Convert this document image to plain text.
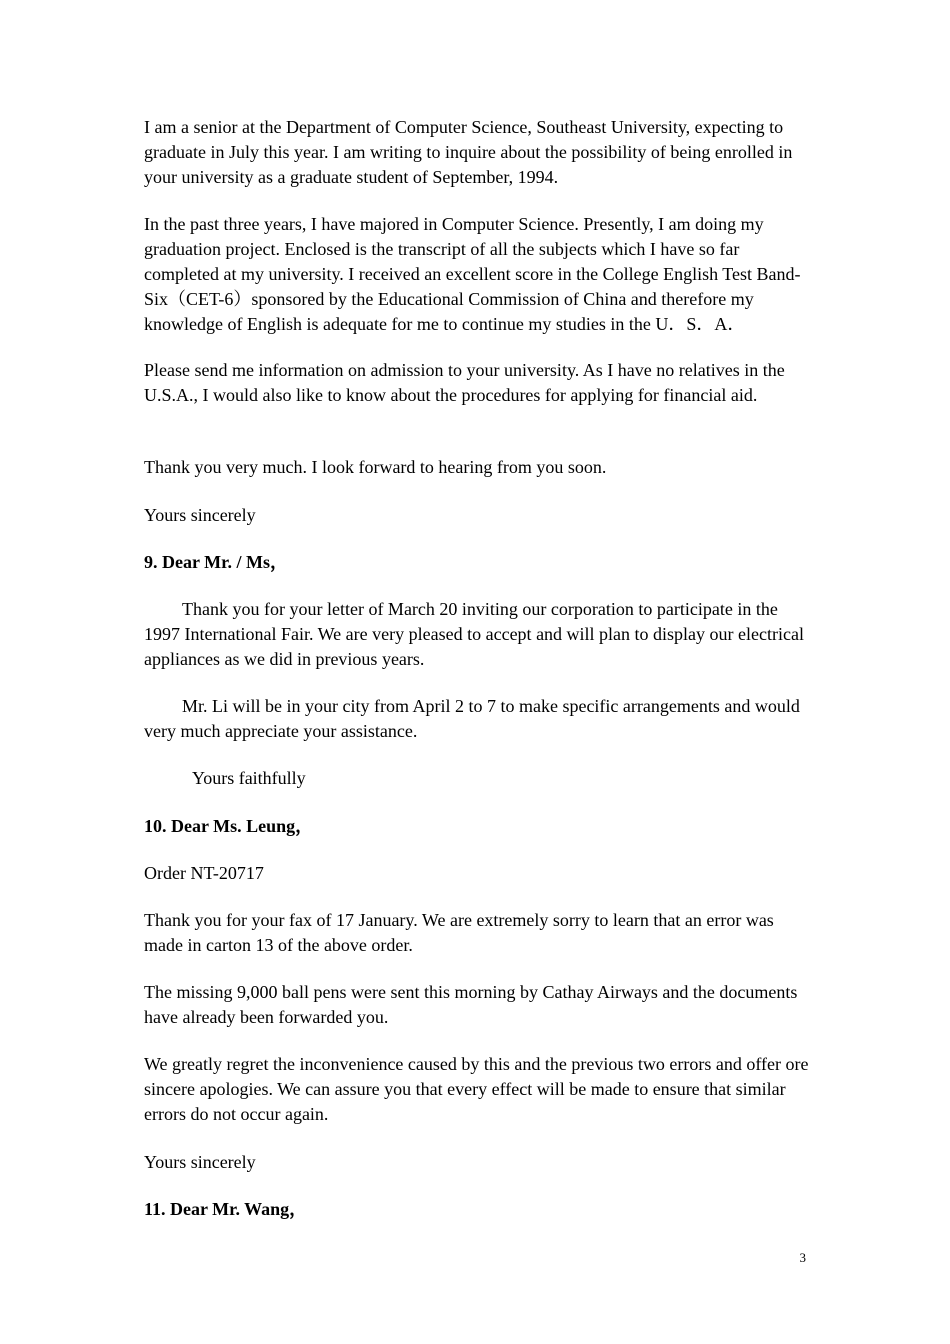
I am a senior at the Department of Computer Science, Southeast University, expecting to graduate in July this year. I am writing to inquire about the possibility of being enrolled in your university as a graduate student of September, 1994.

In the past three years, I have majored in Computer Science. Presently, I am doing my graduation project. Enclosed is the transcript of all the subjects which I have so far completed at my university. I received an excellent score in the College English Test Band-Six（CET-6）sponsored by the Educational Commission of China and therefore my knowledge of English is adequate for me to continue my studies in the U．S．A．

Please send me information on admission to your university. As I have no relatives in the U.S.A., I would also like to know about the procedures for applying for financial aid.

Thank you very much. I look forward to hearing from you soon.

Yours sincerely

9. Dear Mr. / Ms，

Thank you for your letter of March 20 inviting our corporation to participate in the 1997 International Fair. We are very pleased to accept and will plan to display our electrical appliances as we did in previous years.

Mr. Li will be in your city from April 2 to 7 to make specific arrangements and would very much appreciate your assistance.

Yours faithfully

10. Dear Ms. Leung，

Order NT-20717

Thank you for your fax of 17 January. We are extremely sorry to learn that an error was made in carton 13 of the above order.

The missing 9,000 ball pens were sent this morning by Cathay Airways and the documents have already been forwarded you.

We greatly regret the inconvenience caused by this and the previous two errors and offer ore sincere apologies. We can assure you that every effect will be made to ensure that similar errors do not occur again.

Yours sincerely

11. Dear Mr. Wang，

3
